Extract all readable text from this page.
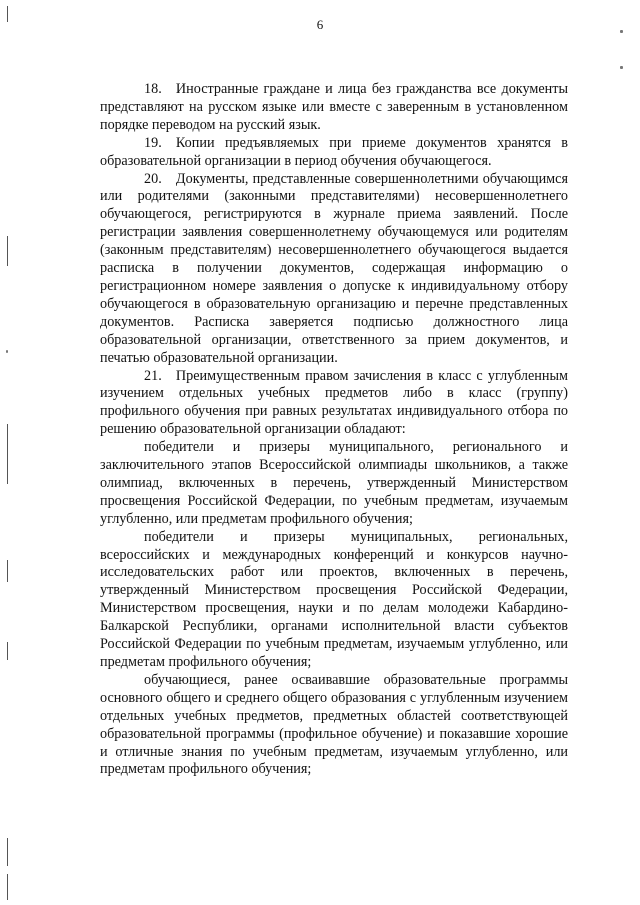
6

18. Иностранные граждане и лица без гражданства все документы представляют на русском языке или вместе с заверенным в установленном порядке переводом на русский язык.

19. Копии предъявляемых при приеме документов хранятся в образовательной организации в период обучения обучающегося.

20. Документы, представленные совершеннолетними обучающимся или родителями (законными представителями) несовершеннолетнего обучающегося, регистрируются в журнале приема заявлений. После регистрации заявления совершеннолетнему обучающемуся или родителям (законным представителям) несовершеннолетнего обучающегося выдается расписка в получении документов, содержащая информацию о регистрационном номере заявления о допуске к индивидуальному отбору обучающегося в образовательную организацию и перечне представленных документов. Расписка заверяется подписью должностного лица образовательной организации, ответственного за прием документов, и печатью образовательной организации.

21. Преимущественным правом зачисления в класс с углубленным изучением отдельных учебных предметов либо в класс (группу) профильного обучения при равных результатах индивидуального отбора по решению образовательной организации обладают:

победители и призеры муниципального, регионального и заключительного этапов Всероссийской олимпиады школьников, а также олимпиад, включенных в перечень, утвержденный Министерством просвещения Российской Федерации, по учебным предметам, изучаемым углубленно, или предметам профильного обучения;

победители и призеры муниципальных, региональных, всероссийских и международных конференций и конкурсов научно-исследовательских работ или проектов, включенных в перечень, утвержденный Министерством просвещения Российской Федерации, Министерством просвещения, науки и по делам молодежи Кабардино-Балкарской Республики, органами исполнительной власти субъектов Российской Федерации по учебным предметам, изучаемым углубленно, или предметам профильного обучения;

обучающиеся, ранее осваивавшие образовательные программы основного общего и среднего общего образования с углубленным изучением отдельных учебных предметов, предметных областей соответствующей образовательной программы (профильное обучение) и показавшие хорошие и отличные знания по учебным предметам, изучаемым углубленно, или предметам профильного обучения;
